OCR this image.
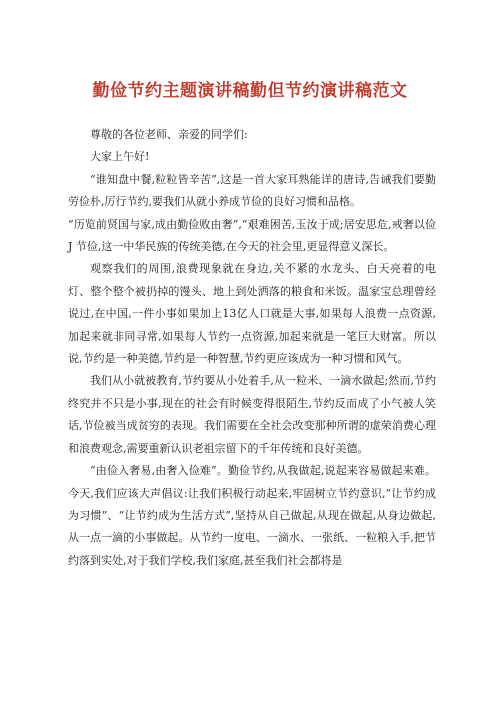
勤俭节约主题演讲稿勤但节约演讲稿范文

尊敬的各位老师、亲爱的同学们:

大家上午好!

“谁知盘中餐,粒粒皆辛苦”,这是一首大家耳熟能详的唐诗,告诫我们要勤劳俭朴,厉行节约,要我们从就小养成节俭的良好习惯和品格。

“历览前贤国与家,成由勤俭败由奢”,“艰难困苦,玉汝于成;居安思危,戒奢以俭 J 节俭,这一中华民族的传统美德,在今天的社会里,更显得意义深长。

观察我们的周围,浪费现象就在身边,关不紧的水龙头、白天亮着的电灯、整个整个被扔掉的馒头、地上到处洒落的粮食和米饭。温家宝总理曾经说过,在中国,一件小事如果加上13亿人口就是大事,如果每人浪费一点资源,加起来就非同寻常,如果每人节约一点资源,加起来就是一笔巨大财富。所以说,节约是一种美德,节约是一种智慧,节约更应该成为一种习惯和风气。

我们从小就被教育,节约要从小处着手,从一粒米、一滴水做起;然而,节约终究并不只是小事,现在的社会有时候变得很陌生,节约反而成了小气被人笑话,节俭被当成贫穷的表现。我们需要在全社会改变那种所谓的虚荣消费心理和浪费观念,需要重新认识老祖宗留下的千年传统和良好美德。

“由俭入奢易,由奢入俭难”。勤俭节约,从我做起,说起来容易做起来难。今天,我们应该大声倡议:让我们积极行动起来,牢固树立节约意识,“让节约成为习惯”、“让节约成为生活方式”,坚持从自己做起,从现在做起,从身边做起,从一点一滴的小事做起。从节约一度电、一滴水、一张纸、一粒粮入手,把节约落到实处,对于我们学校,我们家庭,甚至我们社会都将是
